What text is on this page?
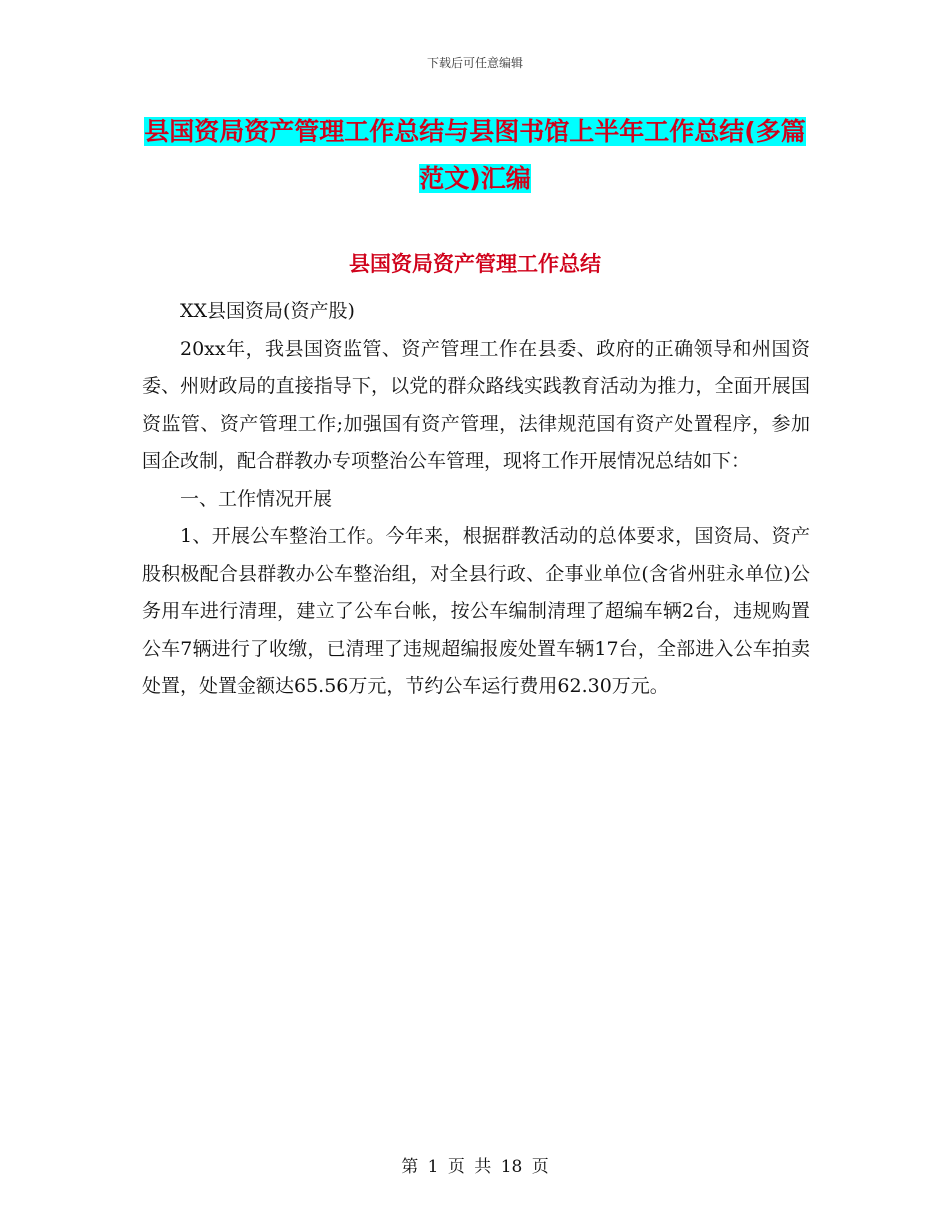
下载后可任意编辑
县国资局资产管理工作总结与县图书馆上半年工作总结(多篇范文)汇编
县国资局资产管理工作总结

XX县国资局(资产股)

20xx年，我县国资监管、资产管理工作在县委、政府的正确领导和州国资委、州财政局的直接指导下，以党的群众路线实践教育活动为推力，全面开展国资监管、资产管理工作;加强国有资产管理，法律规范国有资产处置程序，参加国企改制，配合群教办专项整治公车管理，现将工作开展情况总结如下：

一、工作情况开展

1、开展公车整治工作。今年来，根据群教活动的总体要求，国资局、资产股积极配合县群教办公车整治组，对全县行政、企事业单位(含省州驻永单位)公务用车进行清理，建立了公车台帐，按公车编制清理了超编车辆2台，违规购置公车7辆进行了收缴，已清理了违规超编报废处置车辆17台，全部进入公车拍卖处置，处置金额达65.56万元，节约公车运行费用62.30万元。

第 1 页 共 18 页
